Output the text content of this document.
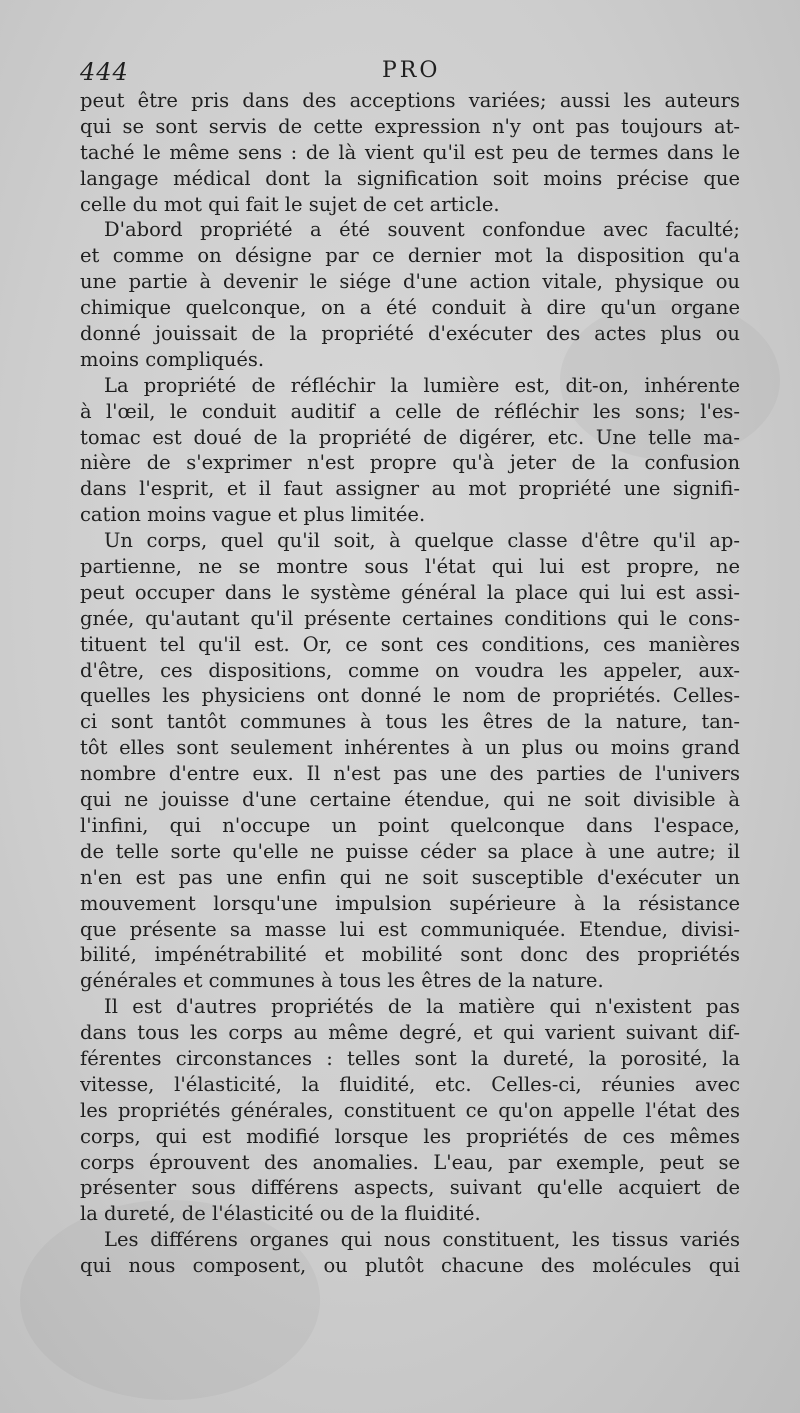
444	PRO
peut être pris dans des acceptions variées; aussi les auteurs
qui se sont servis de cette expression n'y ont pas toujours at-
taché le même sens : de là vient qu'il est peu de termes dans le
langage médical dont la signification soit moins précise que
celle du mot qui fait le sujet de cet article.
D'abord propriété a été souvent confondue avec faculté;
et comme on désigne par ce dernier mot la disposition qu'a
une partie à devenir le siége d'une action vitale, physique ou
chimique quelconque, on a été conduit à dire qu'un organe
donné jouissait de la propriété d'exécuter des actes plus ou
moins compliqués.
La propriété de réfléchir la lumière est, dit-on, inhérente
à l'œil, le conduit auditif a celle de réfléchir les sons; l'es-
tomac est doué de la propriété de digérer, etc. Une telle ma-
nière de s'exprimer n'est propre qu'à jeter de la confusion
dans l'esprit, et il faut assigner au mot propriété une signifi-
cation moins vague et plus limitée.
Un corps, quel qu'il soit, à quelque classe d'être qu'il ap-
partienne, ne se montre sous l'état qui lui est propre, ne
peut occuper dans le système général la place qui lui est assi-
gnée, qu'autant qu'il présente certaines conditions qui le cons-
tituent tel qu'il est. Or, ce sont ces conditions, ces manières
d'être, ces dispositions, comme on voudra les appeler, aux-
quelles les physiciens ont donné le nom de propriétés. Celles-
ci sont tantôt communes à tous les êtres de la nature, tan-
tôt elles sont seulement inhérentes à un plus ou moins grand
nombre d'entre eux. Il n'est pas une des parties de l'univers
qui ne jouisse d'une certaine étendue, qui ne soit divisible à
l'infini, qui n'occupe un point quelconque dans l'espace,
de telle sorte qu'elle ne puisse céder sa place à une autre; il
n'en est pas une enfin qui ne soit susceptible d'exécuter un
mouvement lorsqu'une impulsion supérieure à la résistance
que présente sa masse lui est communiquée. Etendue, divisi-
bilité, impénétrabilité et mobilité sont donc des propriétés
générales et communes à tous les êtres de la nature.
Il est d'autres propriétés de la matière qui n'existent pas
dans tous les corps au même degré, et qui varient suivant dif-
férentes circonstances : telles sont la dureté, la porosité, la
vitesse, l'élasticité, la fluidité, etc. Celles-ci, réunies avec
les propriétés générales, constituent ce qu'on appelle l'état des
corps, qui est modifié lorsque les propriétés de ces mêmes
corps éprouvent des anomalies. L'eau, par exemple, peut se
présenter sous différens aspects, suivant qu'elle acquiert de
la dureté, de l'élasticité ou de la fluidité.
Les différens organes qui nous constituent, les tissus variés
qui nous composent, ou plutôt chacune des molécules qui
